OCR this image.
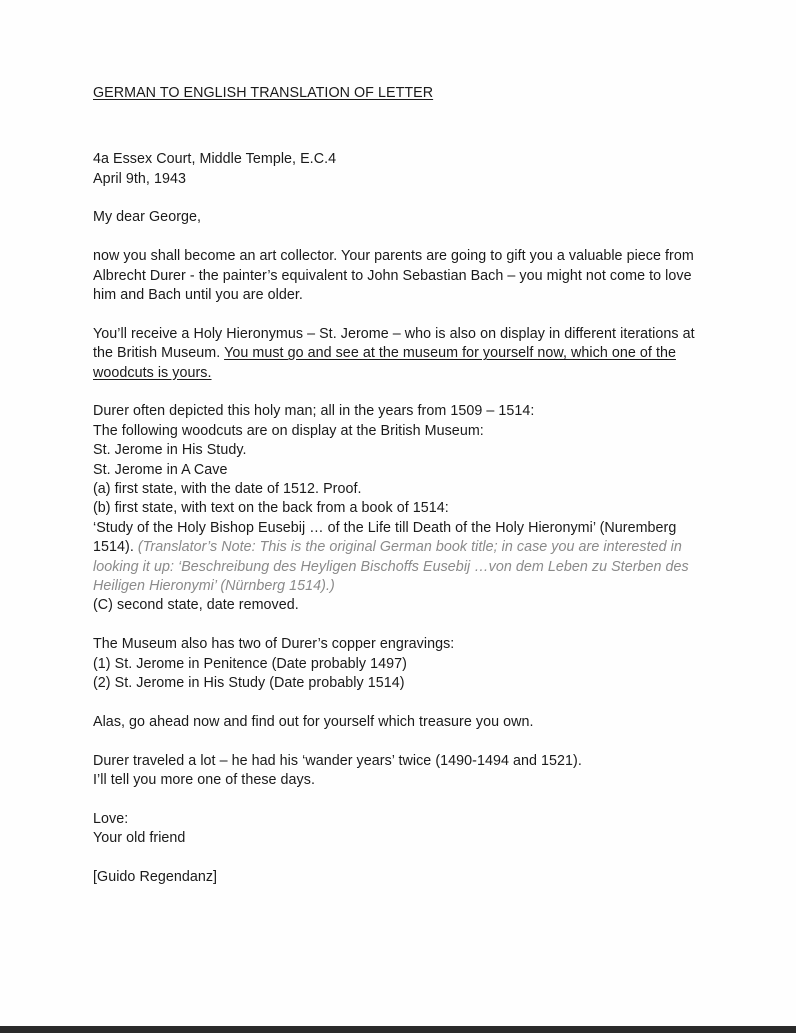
GERMAN TO ENGLISH TRANSLATION OF LETTER
4a Essex Court, Middle Temple, E.C.4
April 9th, 1943
My dear George,
now you shall become an art collector. Your parents are going to gift you a valuable piece from
Albrecht Durer - the painter’s equivalent to John Sebastian Bach – you might not come to love
him and Bach until you are older.
You’ll receive a Holy Hieronymus – St. Jerome – who is also on display in different iterations at
the British Museum. You must go and see at the museum for yourself now, which one of the
woodcuts is yours.
Durer often depicted this holy man; all in the years from 1509 – 1514:
The following woodcuts are on display at the British Museum:
St. Jerome in His Study.
St. Jerome in A Cave
(a) first state, with the date of 1512. Proof.
(b) first state, with text on the back from a book of 1514:
‘Study of the Holy Bishop Eusebij … of the Life till Death of the Holy Hieronymi’ (Nuremberg
1514). (Translator’s Note: This is the original German book title; in case you are interested in
looking it up: ‘Beschreibung des Heyligen Bischoffs Eusebij …von dem Leben zu Sterben des
Heiligen Hieronymi’ (Nürnberg 1514).)
(C) second state, date removed.
The Museum also has two of Durer’s copper engravings:
(1) St. Jerome in Penitence (Date probably 1497)
(2) St. Jerome in His Study (Date probably 1514)
Alas, go ahead now and find out for yourself which treasure you own.
Durer traveled a lot – he had his ‘wander years’ twice (1490-1494 and 1521).
I’ll tell you more one of these days.
Love:
Your old friend
[Guido Regendanz]
